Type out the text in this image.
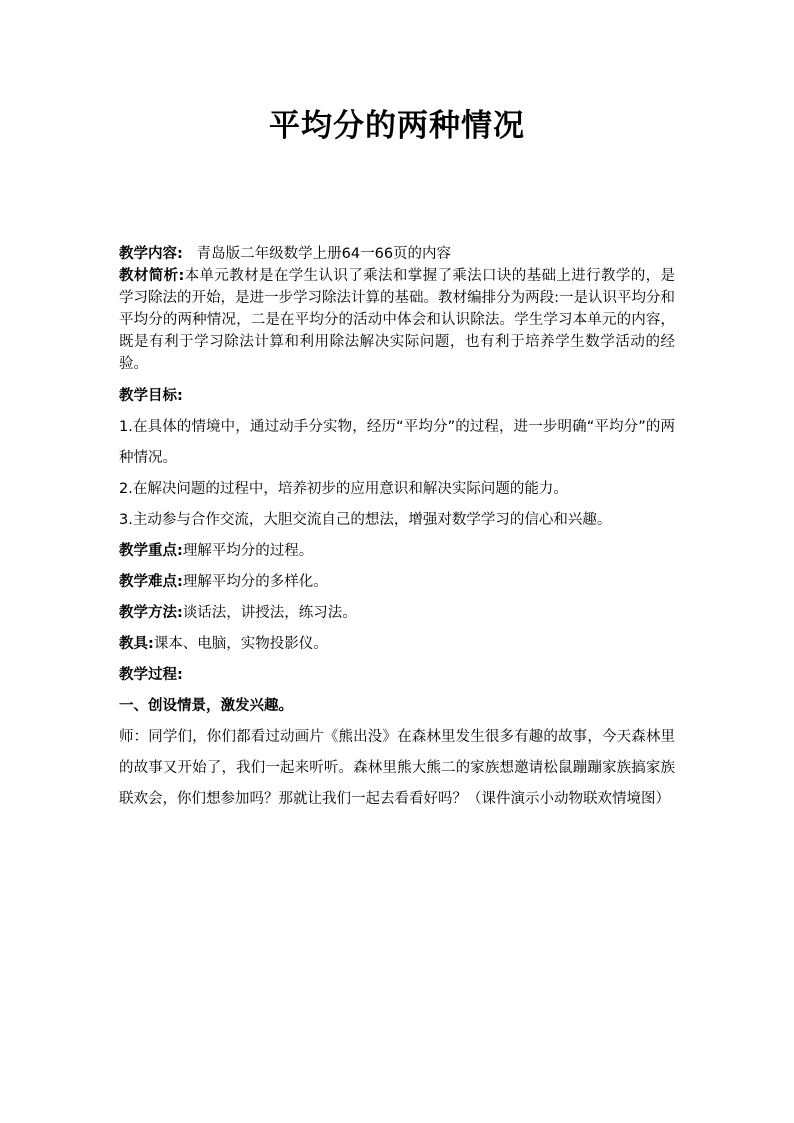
平均分的两种情况

教学内容: 青岛版二年级数学上册64一66页的内容

教材简析:本单元教材是在学生认识了乘法和掌握了乘法口诀的基础上进行教学的，是学习除法的开始，是进一步学习除法计算的基础。教材编排分为两段:一是认识平均分和平均分的两种情况，二是在平均分的活动中体会和认识除法。学生学习本单元的内容，既是有利于学习除法计算和利用除法解决实际问题，也有利于培养学生数学活动的经验。

教学目标:

1.在具体的情境中，通过动手分实物，经历“平均分”的过程，进一步明确“平均分”的两种情况。

2.在解决问题的过程中，培养初步的应用意识和解决实际问题的能力。

3.主动参与合作交流，大胆交流自己的想法，增强对数学学习的信心和兴趣。

教学重点:理解平均分的过程。

教学难点:理解平均分的多样化。

教学方法:谈话法，讲授法，练习法。

教具:课本、电脑，实物投影仪。

教学过程:

一、创设情景，激发兴趣。

师：同学们，你们都看过动画片《熊出没》在森林里发生很多有趣的故事，今天森林里的故事又开始了，我们一起来听听。森林里熊大熊二的家族想邀请松鼠蹦蹦家族搞家族联欢会，你们想参加吗？那就让我们一起去看看好吗？（课件演示小动物联欢情境图）
